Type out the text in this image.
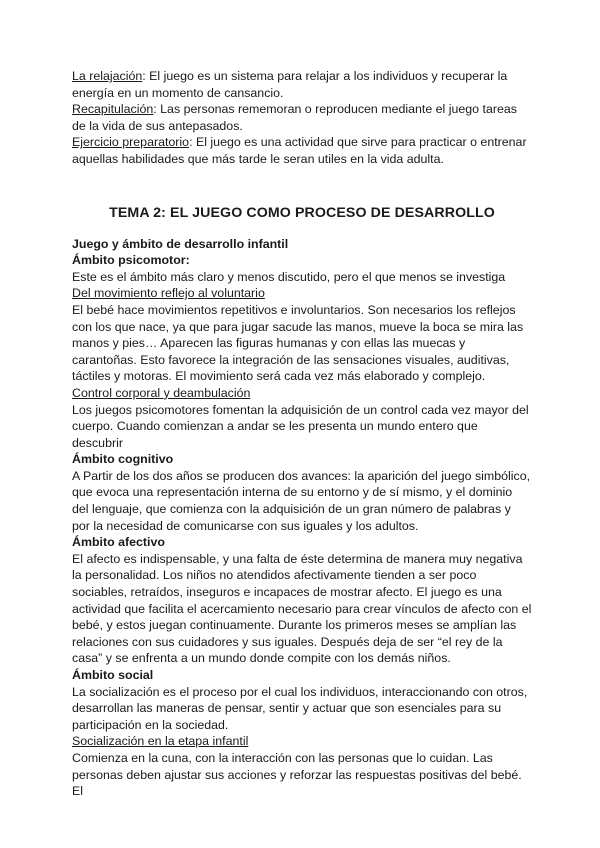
La relajación: El juego es un sistema para relajar a los individuos y recuperar la energía en un momento de cansancio.

Recapitulación: Las personas rememoran o reproducen mediante el juego tareas de la vida de sus antepasados.

Ejercicio preparatorio: El juego es una actividad que sirve para practicar o entrenar aquellas habilidades que más tarde le seran utiles en la vida adulta.

TEMA 2: EL JUEGO COMO PROCESO DE DESARROLLO

Juego y ámbito de desarrollo infantil

Ámbito psicomotor:

Este es el ámbito más claro y menos discutido, pero el que menos se investiga

Del movimiento reflejo al voluntario

El bebé hace movimientos repetitivos e involuntarios. Son necesarios los reflejos con los que nace, ya que para jugar sacude las manos, mueve la boca se mira las manos y pies… Aparecen las figuras humanas y con ellas las muecas y carantoñas. Esto favorece la integración de las sensaciones visuales, auditivas, táctiles y motoras. El movimiento será cada vez más elaborado y complejo.

Control corporal y deambulación

Los juegos psicomotores fomentan la adquisición de un control cada vez mayor del cuerpo. Cuando comienzan a andar se les presenta un mundo entero que descubrir

Ámbito cognitivo

A Partir de los dos años se producen dos avances: la aparición del juego simbólico, que evoca una representación interna de su entorno y de sí mismo, y el dominio del lenguaje, que comienza con la adquisición de un gran número de palabras y por la necesidad de comunicarse con sus iguales y los adultos.

Ámbito afectivo

El afecto es indispensable, y una falta de éste determina de manera muy negativa la personalidad. Los niños no atendidos afectivamente tienden a ser poco sociables, retraídos, inseguros e incapaces de mostrar afecto. El juego es una actividad que facilita el acercamiento necesario para crear vínculos de afecto con el bebé, y estos juegan continuamente. Durante los primeros meses se amplían las relaciones con sus cuidadores y sus iguales. Después deja de ser “el rey de la casa” y se enfrenta a un mundo donde compite con los demás niños.

Ámbito social

La socialización es el proceso por el cual los individuos, interaccionando con otros, desarrollan las maneras de pensar, sentir y actuar que son esenciales para su participación en la sociedad.

Socialización en la etapa infantil

Comienza en la cuna, con la interacción con las personas que lo cuidan. Las personas deben ajustar sus acciones y reforzar las respuestas positivas del bebé. El
